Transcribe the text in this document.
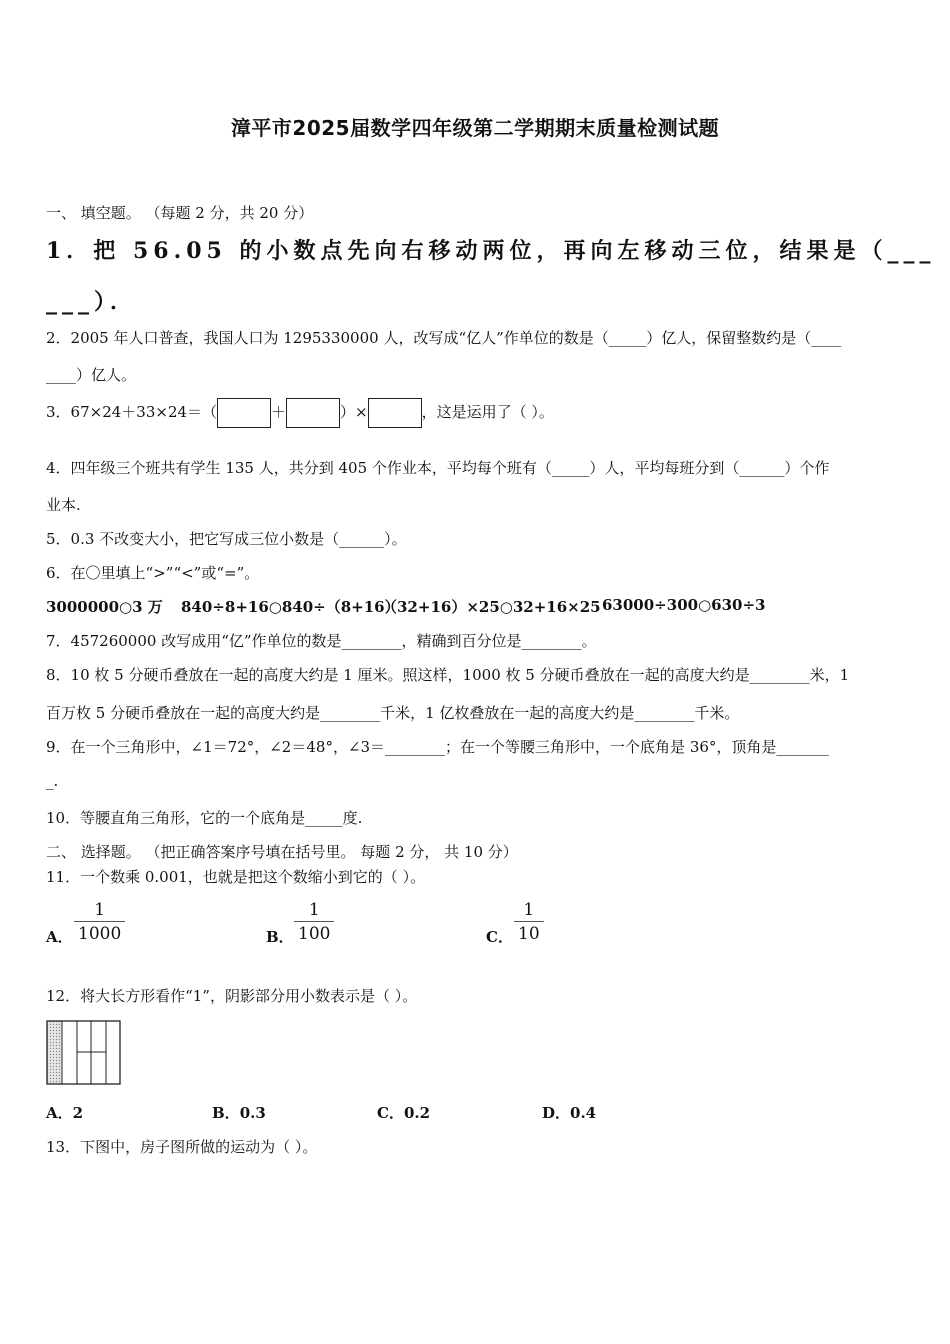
漳平市2025届数学四年级第二学期期末质量检测试题
一、 填空题。 （每题 2 分，共 20 分）
1．把 56.05 的小数点先向右移动两位，再向左移动三位，结果是（___
___）．
2．2005 年人口普查，我国人口为 1295330000 人，改写成“亿人”作单位的数是（_____）亿人，保留整数约是（____
____）亿人。
3．67×24＋33×24＝（	＋	）×	，这是运用了（ ）。
4．四年级三个班共有学生 135 人，共分到 405 个作业本，平均每个班有（_____）人，平均每班分到（______）个作
业本.
5．0.3 不改变大小，把它写成三位小数是（______）。
6．在〇里填上“>”“<”或“=”。
3000000○3 万 840÷8+16○840÷（8+16）
（32+16）×25○32+16×25 63000÷300○630÷3
7．457260000 改写成用“亿”作单位的数是________，精确到百分位是________。
8．10 枚 5 分硬币叠放在一起的高度大约是 1 厘米。照这样，1000 枚 5 分硬币叠放在一起的高度大约是________米，1
百万枚 5 分硬币叠放在一起的高度大约是________千米，1 亿枚叠放在一起的高度大约是________千米。
9．在一个三角形中，∠1＝72°，∠2＝48°，∠3＝________；在一个等腰三角形中，一个底角是 36°，顶角是_______
_.
10．等腰直角三角形，它的一个底角是_____度.
二、 选择题。 （把正确答案序号填在括号里。 每题 2 分， 共 10 分）
11．一个数乘 0.001，也就是把这个数缩小到它的（ ）。
A．
1
1000	B．
1
100	C．
1
10
12．将大长方形看作“1”，阴影部分用小数表示是（ ）。
A．2	B．0.3	C．0.2	D．0.4
13．下图中，房子图所做的运动为（ ）。
